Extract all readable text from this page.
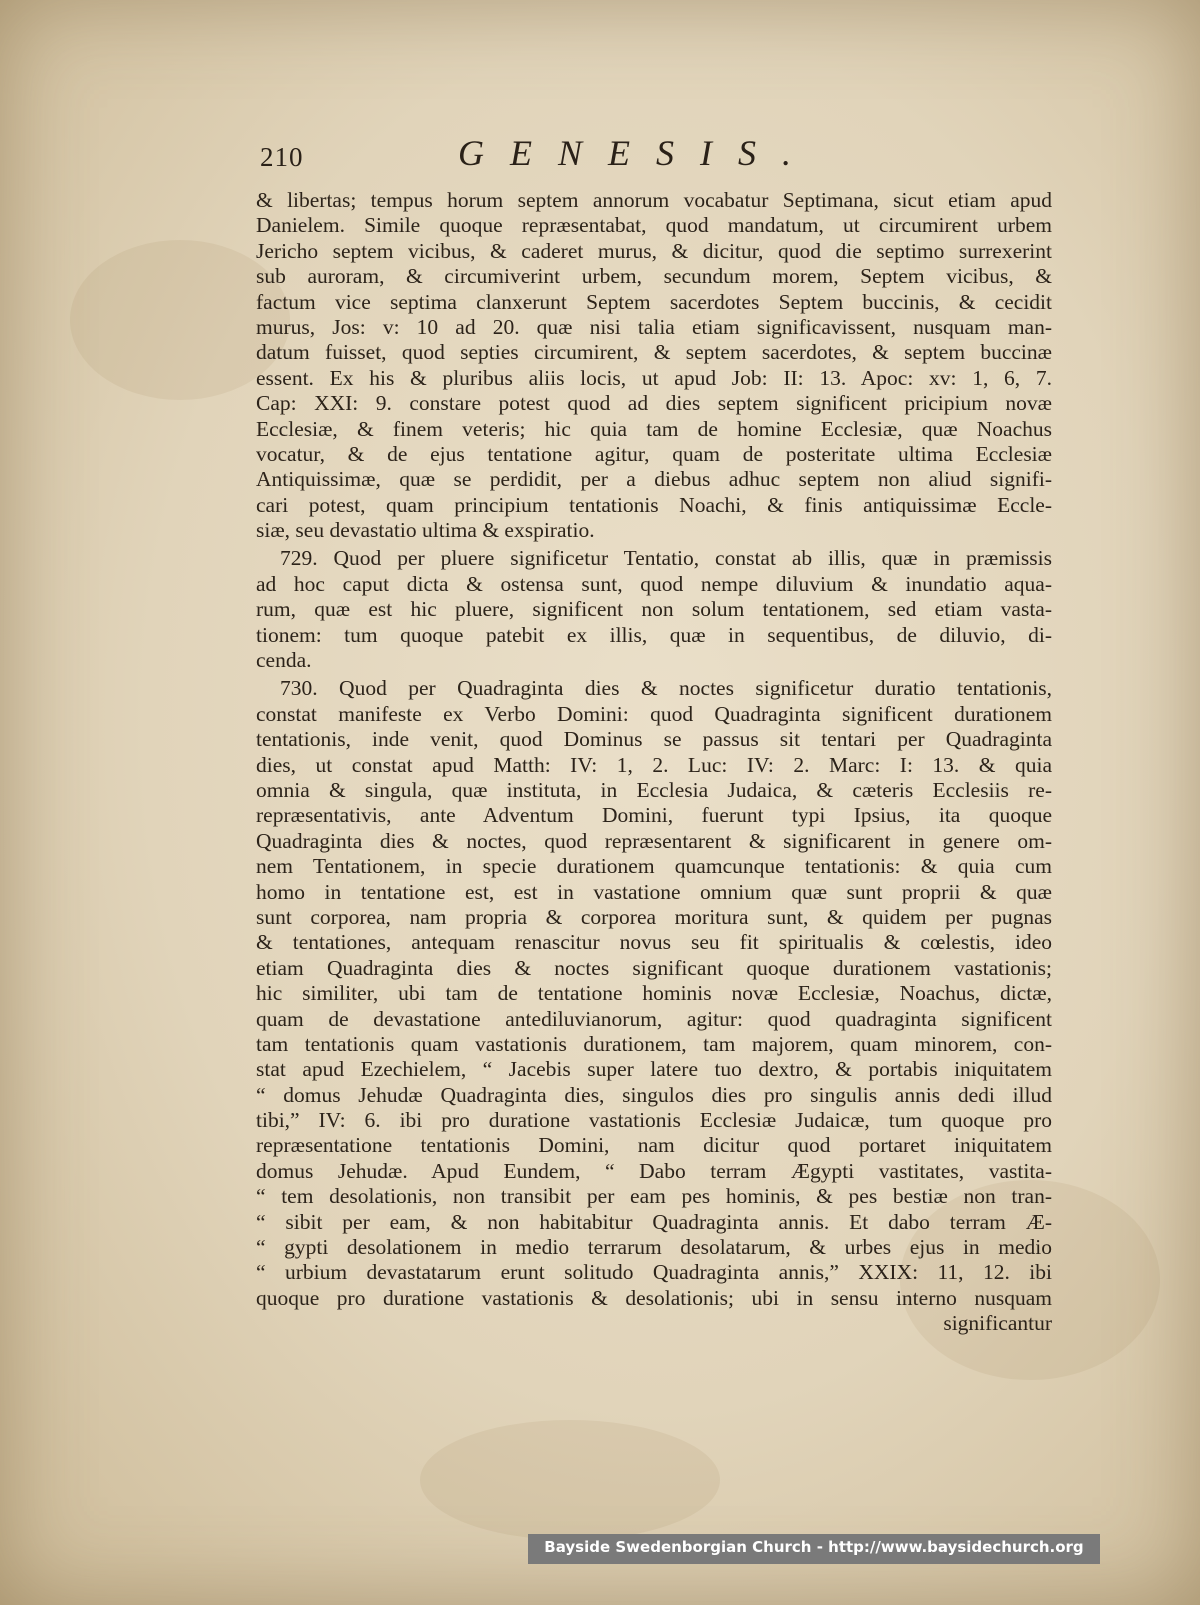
210	GENESIS.
& libertas; tempus horum septem annorum vocabatur Septimana, sicut etiam apud
Danielem. Simile quoque repræsentabat, quod mandatum, ut circumirent urbem
Jericho septem vicibus, & caderet murus, & dicitur, quod die septimo surrexerint
sub auroram, & circumiverint urbem, secundum morem, Septem vicibus, &
factum vice septima clanxerunt Septem sacerdotes Septem buccinis, & cecidit
murus, Jos: v: 10 ad 20. quæ nisi talia etiam significavissent, nusquam man-
datum fuisset, quod septies circumirent, & septem sacerdotes, & septem buccinæ
essent. Ex his & pluribus aliis locis, ut apud Job: II: 13. Apoc: xv: 1, 6, 7.
Cap: XXI: 9. constare potest quod ad dies septem significent pricipium novæ
Ecclesiæ, & finem veteris; hic quia tam de homine Ecclesiæ, quæ Noachus
vocatur, & de ejus tentatione agitur, quam de posteritate ultima Ecclesiæ
Antiquissimæ, quæ se perdidit, per a diebus adhuc septem non aliud signifi-
cari potest, quam principium tentationis Noachi, & finis antiquissimæ Eccle-
siæ, seu devastatio ultima & exspiratio.
729. Quod per pluere significetur Tentatio, constat ab illis, quæ in præmissis
ad hoc caput dicta & ostensa sunt, quod nempe diluvium & inundatio aqua-
rum, quæ est hic pluere, significent non solum tentationem, sed etiam vasta-
tionem: tum quoque patebit ex illis, quæ in sequentibus, de diluvio, di-
cenda.
730. Quod per Quadraginta dies & noctes significetur duratio tentationis,
constat manifeste ex Verbo Domini: quod Quadraginta significent durationem
tentationis, inde venit, quod Dominus se passus sit tentari per Quadraginta
dies, ut constat apud Matth: IV: 1, 2. Luc: IV: 2. Marc: I: 13. & quia
omnia & singula, quæ instituta, in Ecclesia Judaica, & cæteris Ecclesiis re-
repræsentativis, ante Adventum Domini, fuerunt typi Ipsius, ita quoque
Quadraginta dies & noctes, quod repræsentarent & significarent in genere om-
nem Tentationem, in specie durationem quamcunque tentationis: & quia cum
homo in tentatione est, est in vastatione omnium quæ sunt proprii & quæ
sunt corporea, nam propria & corporea moritura sunt, & quidem per pugnas
& tentationes, antequam renascitur novus seu fit spiritualis & cœlestis, ideo
etiam Quadraginta dies & noctes significant quoque durationem vastationis;
hic similiter, ubi tam de tentatione hominis novæ Ecclesiæ, Noachus, dictæ,
quam de devastatione antediluvianorum, agitur: quod quadraginta significent
tam tentationis quam vastationis durationem, tam majorem, quam minorem, con-
stat apud Ezechielem, “ Jacebis super latere tuo dextro, & portabis iniquitatem
“ domus Jehudæ Quadraginta dies, singulos dies pro singulis annis dedi illud
tibi,” IV: 6. ibi pro duratione vastationis Ecclesiæ Judaicæ, tum quoque pro
repræsentatione tentationis Domini, nam dicitur quod portaret iniquitatem
domus Jehudæ. Apud Eundem, “ Dabo terram Ægypti vastitates, vastita-
“ tem desolationis, non transibit per eam pes hominis, & pes bestiæ non tran-
“ sibit per eam, & non habitabitur Quadraginta annis. Et dabo terram Æ-
“ gypti desolationem in medio terrarum desolatarum, & urbes ejus in medio
“ urbium devastatarum erunt solitudo Quadraginta annis,” XXIX: 11, 12. ibi
quoque pro duratione vastationis & desolationis; ubi in sensu interno nusquam
significantur
Bayside Swedenborgian Church - http://www.baysidechurch.org
